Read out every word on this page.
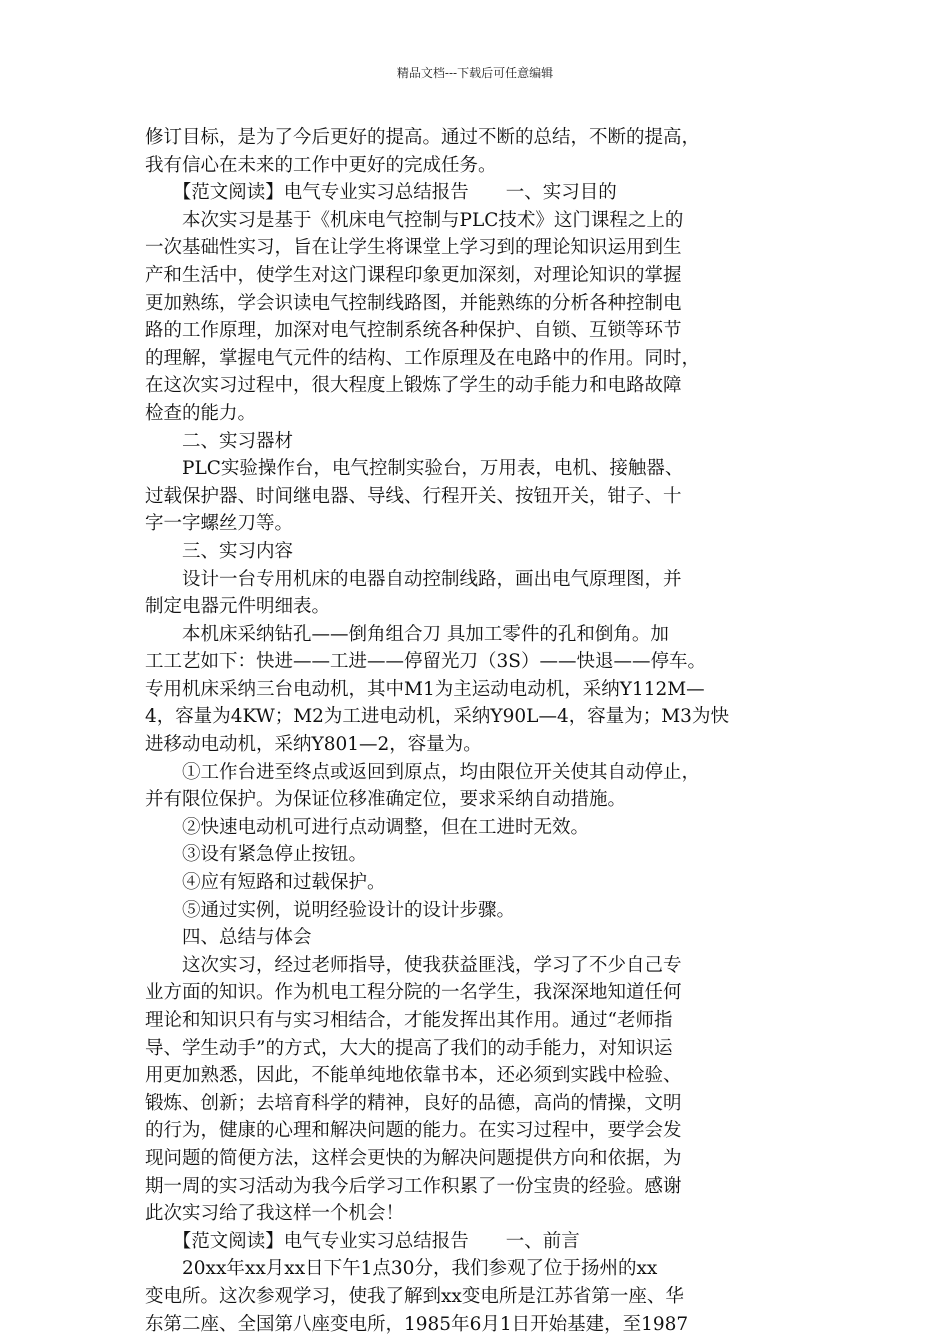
精品文档---下载后可任意编辑
修订目标，是为了今后更好的提高。通过不断的总结，不断的提高，
我有信心在未来的工作中更好的完成任务。
　　【范文阅读】电气专业实习总结报告　　一、实习目的
　　本次实习是基于《机床电气控制与PLC技术》这门课程之上的
一次基础性实习，旨在让学生将课堂上学习到的理论知识运用到生
产和生活中，使学生对这门课程印象更加深刻，对理论知识的掌握
更加熟练，学会识读电气控制线路图，并能熟练的分析各种控制电
路的工作原理，加深对电气控制系统各种保护、自锁、互锁等环节
的理解，掌握电气元件的结构、工作原理及在电路中的作用。同时，
在这次实习过程中，很大程度上锻炼了学生的动手能力和电路故障
检查的能力。
　　二、实习器材
　　PLC实验操作台，电气控制实验台，万用表，电机、接触器、
过载保护器、时间继电器、导线、行程开关、按钮开关，钳子、十
字一字螺丝刀等。
　　三、实习内容
　　设计一台专用机床的电器自动控制线路，画出电气原理图，并
制定电器元件明细表。
　　本机床采纳钻孔——倒角组合刀 具加工零件的孔和倒角。加
工工艺如下：快进——工进——停留光刀（3S）——快退——停车。
专用机床采纳三台电动机，其中M1为主运动电动机，采纳Y112M—
4，容量为4KW；M2为工进电动机，采纳Y90L—4，容量为；M3为快
进移动电动机，采纳Y801—2，容量为。
　　①工作台进至终点或返回到原点，均由限位开关使其自动停止，
并有限位保护。为保证位移准确定位，要求采纳自动措施。
　　②快速电动机可进行点动调整，但在工进时无效。
　　③设有紧急停止按钮。
　　④应有短路和过载保护。
　　⑤通过实例，说明经验设计的设计步骤。
　　四、总结与体会
　　这次实习，经过老师指导，使我获益匪浅，学习了不少自己专
业方面的知识。作为机电工程分院的一名学生，我深深地知道任何
理论和知识只有与实习相结合，才能发挥出其作用。通过“老师指
导、学生动手”的方式，大大的提高了我们的动手能力，对知识运
用更加熟悉，因此，不能单纯地依靠书本，还必须到实践中检验、
锻炼、创新；去培育科学的精神，良好的品德，高尚的情操，文明
的行为，健康的心理和解决问题的能力。在实习过程中，要学会发
现问题的简便方法，这样会更快的为解决问题提供方向和依据，为
期一周的实习活动为我今后学习工作积累了一份宝贵的经验。感谢
此次实习给了我这样一个机会！
　　【范文阅读】电气专业实习总结报告　　一、前言
　　20xx年xx月xx日下午1点30分，我们参观了位于扬州的xx
变电所。这次参观学习，使我了解到xx变电所是江苏省第一座、华
东第二座、全国第八座变电所，1985年6月1日开始基建，至1987
